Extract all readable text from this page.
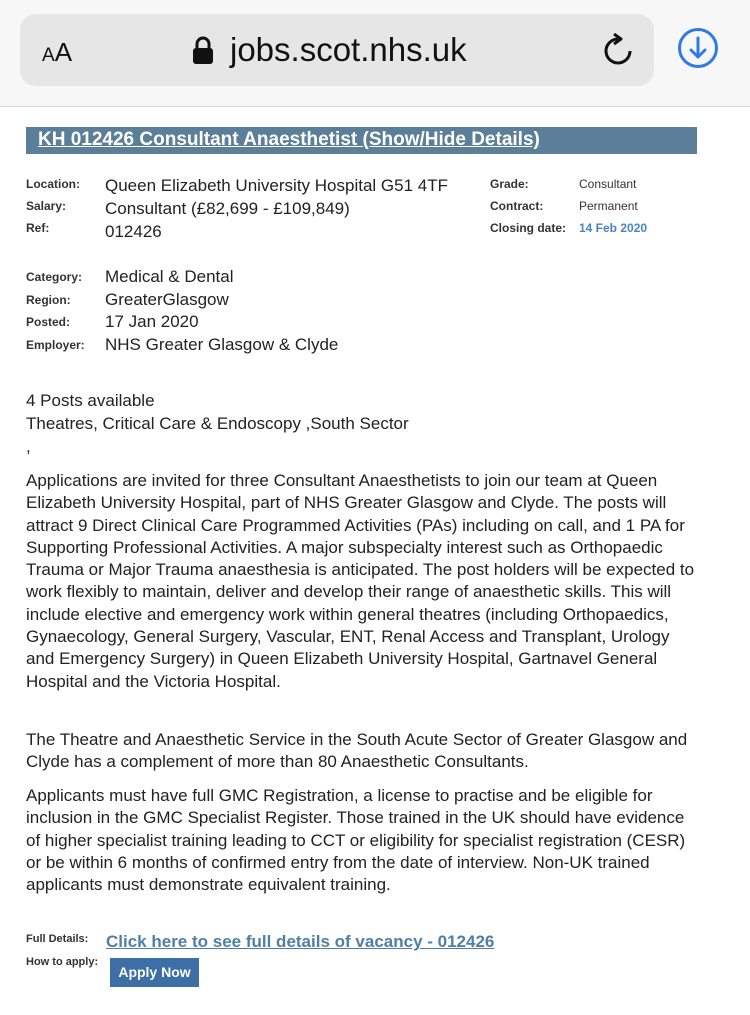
AA	jobs.scot.nhs.uk
KH 012426 Consultant Anaesthetist (Show/Hide Details)
Location: Queen Elizabeth University Hospital G51 4TF
Salary: Consultant (£82,699 - £109,849)
Ref:	012426
Grade:	Consultant
Contract:	Permanent
Closing date: 14 Feb 2020
Category: Medical & Dental
Region: GreaterGlasgow
Posted: 17 Jan 2020
Employer: NHS Greater Glasgow & Clyde
4 Posts available
Theatres, Critical Care & Endoscopy ,South Sector
,
Applications are invited for three Consultant Anaesthetists to join our team at Queen Elizabeth University Hospital, part of NHS Greater Glasgow and Clyde. The posts will attract 9 Direct Clinical Care Programmed Activities (PAs) including on call, and 1 PA for Supporting Professional Activities. A major subspecialty interest such as Orthopaedic Trauma or Major Trauma anaesthesia is anticipated. The post holders will be expected to work flexibly to maintain, deliver and develop their range of anaesthetic skills. This will include elective and emergency work within general theatres (including Orthopaedics, Gynaecology, General Surgery, Vascular, ENT, Renal Access and Transplant, Urology and Emergency Surgery) in Queen Elizabeth University Hospital, Gartnavel General Hospital and the Victoria Hospital.
The Theatre and Anaesthetic Service in the South Acute Sector of Greater Glasgow and Clyde has a complement of more than 80 Anaesthetic Consultants.
Applicants must have full GMC Registration, a license to practise and be eligible for inclusion in the GMC Specialist Register. Those trained in the UK should have evidence of higher specialist training leading to CCT or eligibility for specialist registration (CESR) or be within 6 months of confirmed entry from the date of interview. Non-UK trained applicants must demonstrate equivalent training.
Full Details: Click here to see full details of vacancy - 012426
How to apply:
Apply Now
